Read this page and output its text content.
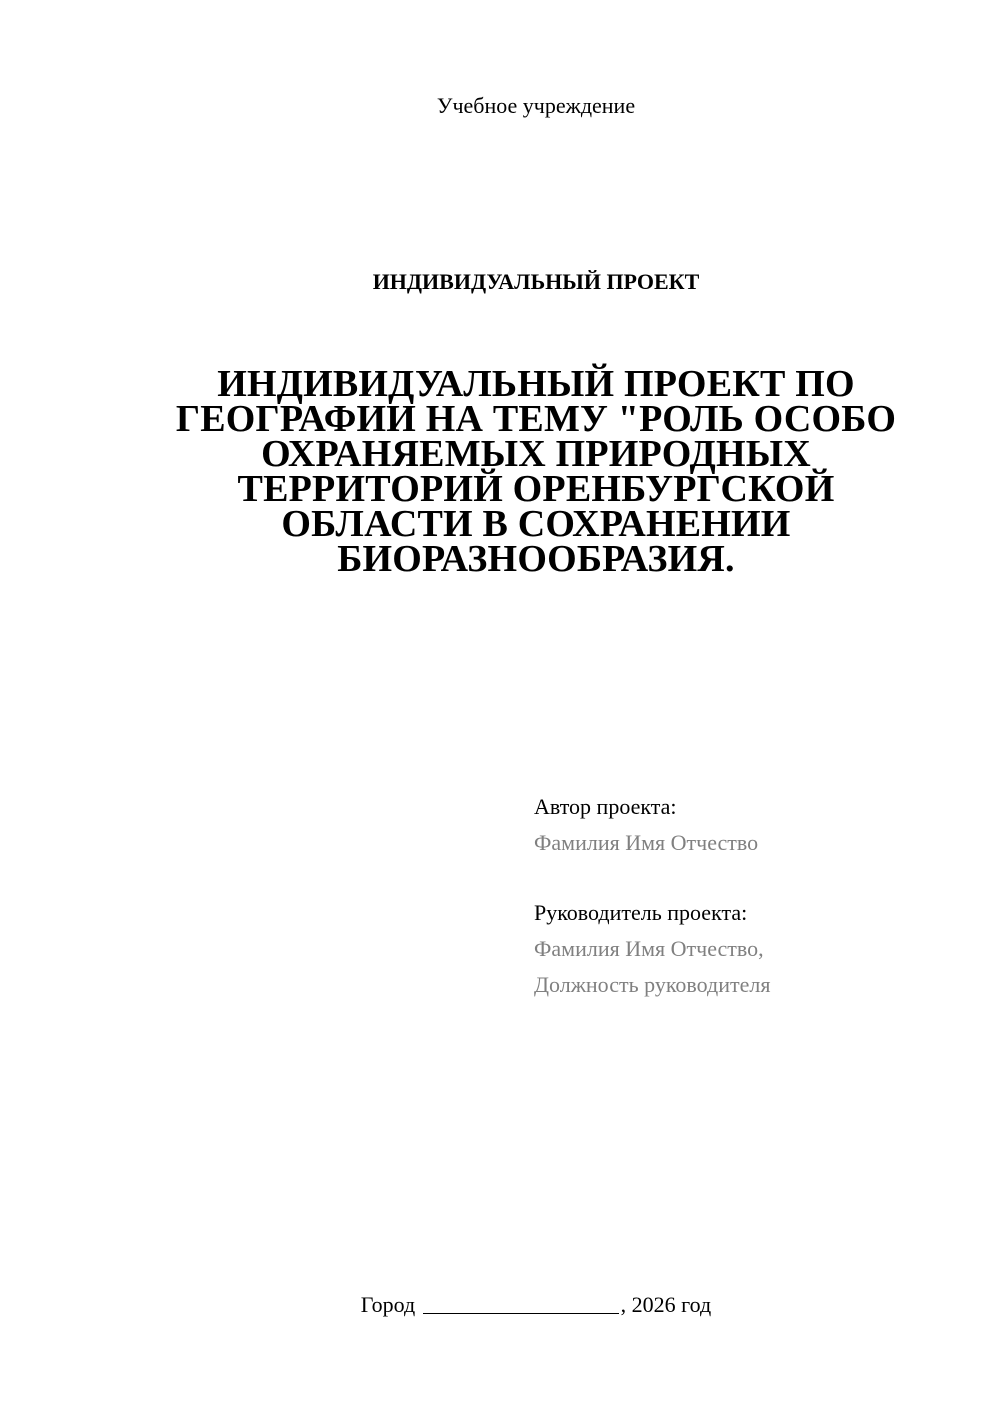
Учебное учреждение
ИНДИВИДУАЛЬНЫЙ ПРОЕКТ
ИНДИВИДУАЛЬНЫЙ ПРОЕКТ ПО
ГЕОГРАФИИ НА ТЕМУ "РОЛЬ ОСОБО
ОХРАНЯЕМЫХ ПРИРОДНЫХ
ТЕРРИТОРИЙ ОРЕНБУРГСКОЙ
ОБЛАСТИ В СОХРАНЕНИИ
БИОРАЗНООБРАЗИЯ.
Автор проекта:
Фамилия Имя Отчество
Руководитель проекта:
Фамилия Имя Отчество,
Должность руководителя
Город	, 2026 год
